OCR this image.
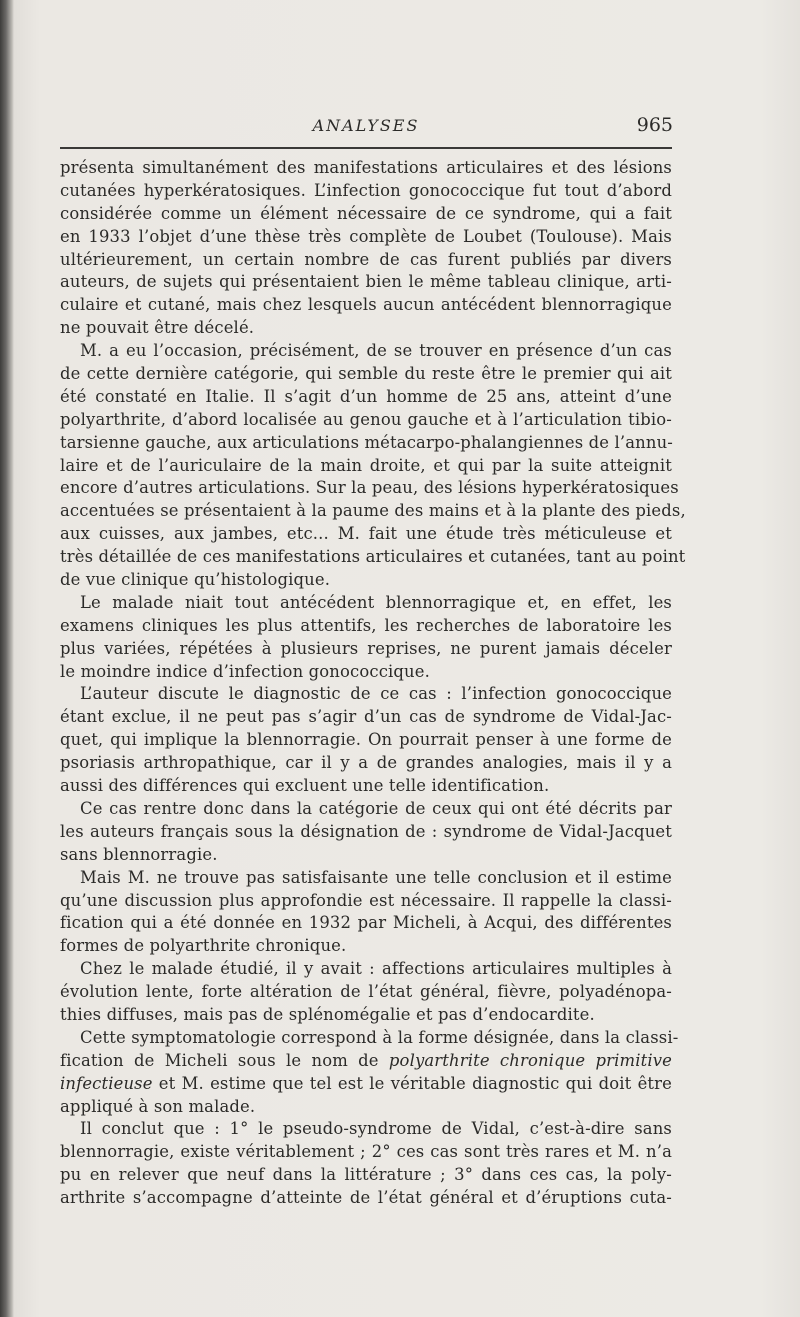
ANALYSES	965
présenta simultanément des manifestations articulaires et des lésions
cutanées hyperkératosiques. L’infection gonococcique fut tout d’abord
considérée comme un élément nécessaire de ce syndrome, qui a fait
en 1933 l’objet d’une thèse très complète de Loubet (Toulouse). Mais
ultérieurement, un certain nombre de cas furent publiés par divers
auteurs, de sujets qui présentaient bien le même tableau clinique, arti-
culaire et cutané, mais chez lesquels aucun antécédent blennorragique
ne pouvait être décelé.
M. a eu l’occasion, précisément, de se trouver en présence d’un cas
de cette dernière catégorie, qui semble du reste être le premier qui ait
été constaté en Italie. Il s’agit d’un homme de 25 ans, atteint d’une
polyarthrite, d’abord localisée au genou gauche et à l’articulation tibio-
tarsienne gauche, aux articulations métacarpo-phalangiennes de l’annu-
laire et de l’auriculaire de la main droite, et qui par la suite atteignit
encore d’autres articulations. Sur la peau, des lésions hyperkératosiques
accentuées se présentaient à la paume des mains et à la plante des pieds,
aux cuisses, aux jambes, etc... M. fait une étude très méticuleuse et
très détaillée de ces manifestations articulaires et cutanées, tant au point
de vue clinique qu’histologique.
Le malade niait tout antécédent blennorragique et, en effet, les
examens cliniques les plus attentifs, les recherches de laboratoire les
plus variées, répétées à plusieurs reprises, ne purent jamais déceler
le moindre indice d’infection gonococcique.
L’auteur discute le diagnostic de ce cas : l’infection gonococcique
étant exclue, il ne peut pas s’agir d’un cas de syndrome de Vidal-Jac-
quet, qui implique la blennorragie. On pourrait penser à une forme de
psoriasis arthropathique, car il y a de grandes analogies, mais il y a
aussi des différences qui excluent une telle identification.
Ce cas rentre donc dans la catégorie de ceux qui ont été décrits par
les auteurs français sous la désignation de : syndrome de Vidal-Jacquet
sans blennorragie.
Mais M. ne trouve pas satisfaisante une telle conclusion et il estime
qu’une discussion plus approfondie est nécessaire. Il rappelle la classi-
fication qui a été donnée en 1932 par Micheli, à Acqui, des différentes
formes de polyarthrite chronique.
Chez le malade étudié, il y avait : affections articulaires multiples à
évolution lente, forte altération de l’état général, fièvre, polyadénopa-
thies diffuses, mais pas de splénomégalie et pas d’endocardite.
Cette symptomatologie correspond à la forme désignée, dans la classi-
fication de Micheli sous le nom de polyarthrite chronique primitive
infectieuse et M. estime que tel est le véritable diagnostic qui doit être
appliqué à son malade.
Il conclut que : 1° le pseudo-syndrome de Vidal, c’est-à-dire sans
blennorragie, existe véritablement ; 2° ces cas sont très rares et M. n’a
pu en relever que neuf dans la littérature ; 3° dans ces cas, la poly-
arthrite s’accompagne d’atteinte de l’état général et d’éruptions cuta-
